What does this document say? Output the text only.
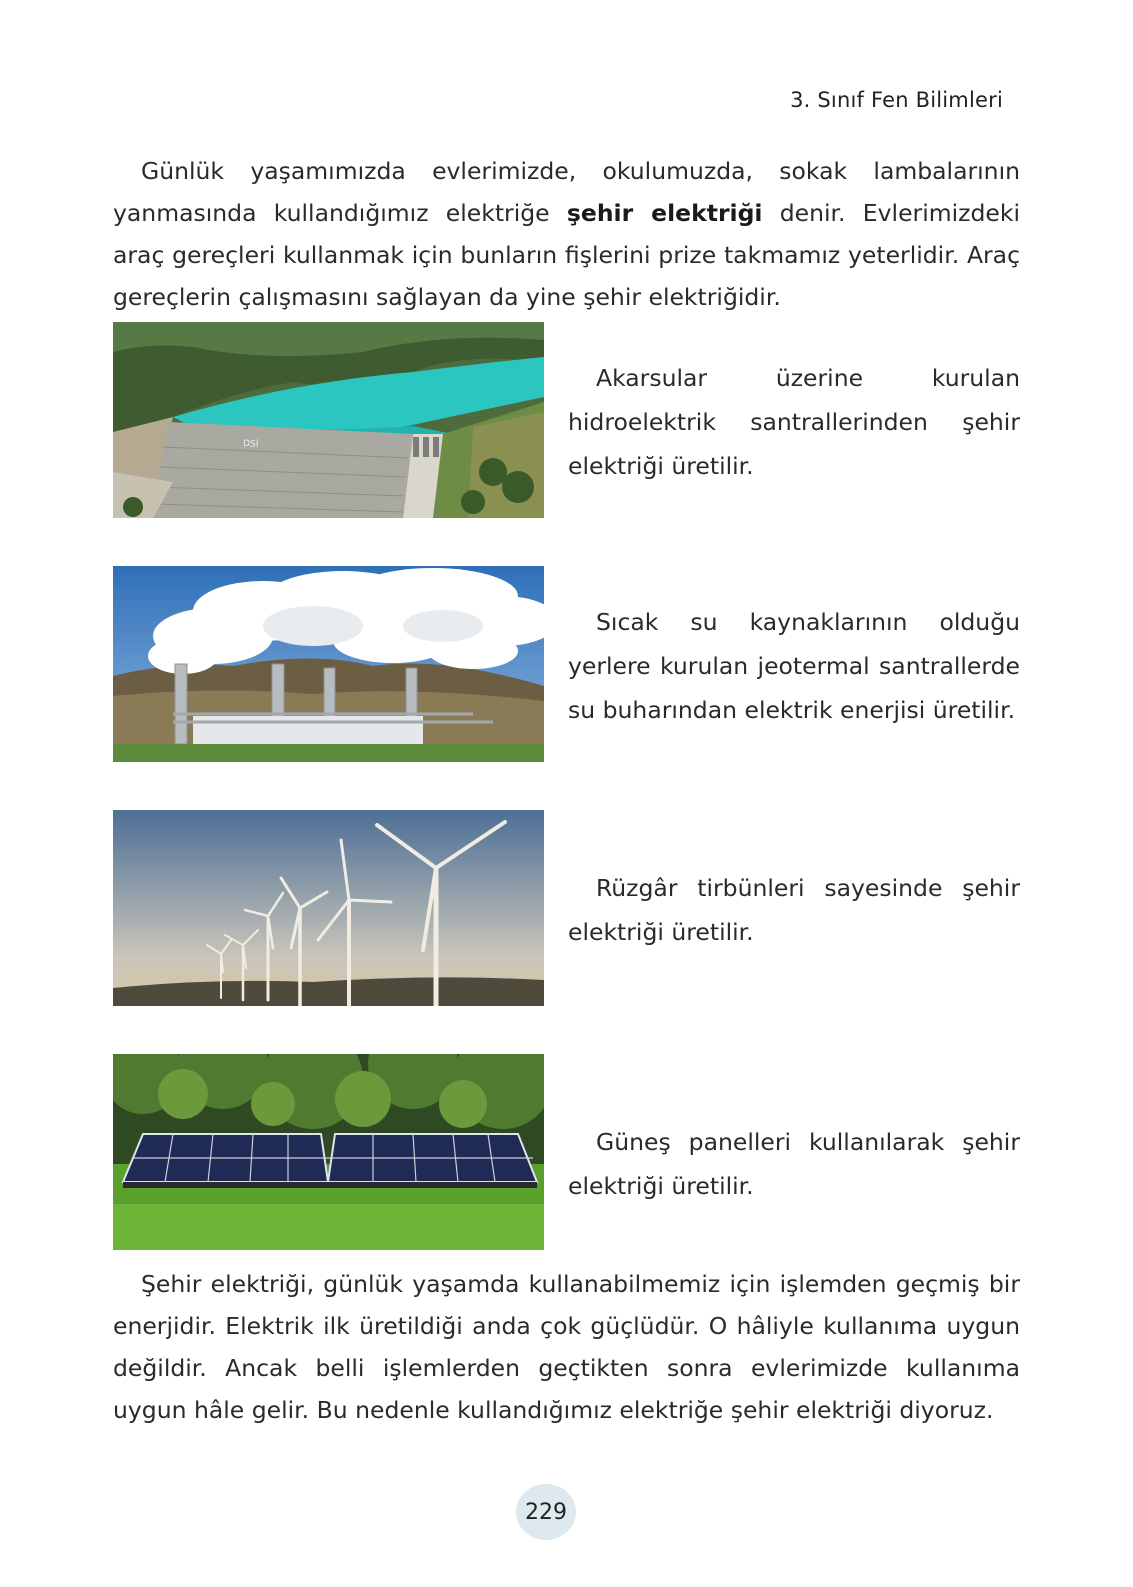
3. Sınıf Fen Bilimleri

Günlük yaşamımızda evlerimizde, okulumuzda, sokak lambalarının yanmasında kullandığımız elektriğe şehir elektriği denir. Evlerimizdeki araç gereçleri kullanmak için bunların fişlerini prize takmamız yeterlidir. Araç gereçlerin çalışmasını sağlayan da yine şehir elektriğidir.

DSİ

Akarsular üzerine kurulan hidroelektrik santrallerinden şehir elektriği üretilir.

Sıcak su kaynaklarının olduğu yerlere kurulan jeotermal santrallerde su buharından elektrik enerjisi üretilir.

Rüzgâr tirbünleri sayesinde şehir elektriği üretilir.

Güneş panelleri kullanılarak şehir elektriği üretilir.

Şehir elektriği, günlük yaşamda kullanabilmemiz için işlemden geçmiş bir enerjidir. Elektrik ilk üretildiği anda çok güçlüdür. O hâliyle kullanıma uygun değildir. Ancak belli işlemlerden geçtikten sonra evlerimizde kullanıma uygun hâle gelir. Bu nedenle kullandığımız elektriğe şehir elektriği diyoruz.

229
